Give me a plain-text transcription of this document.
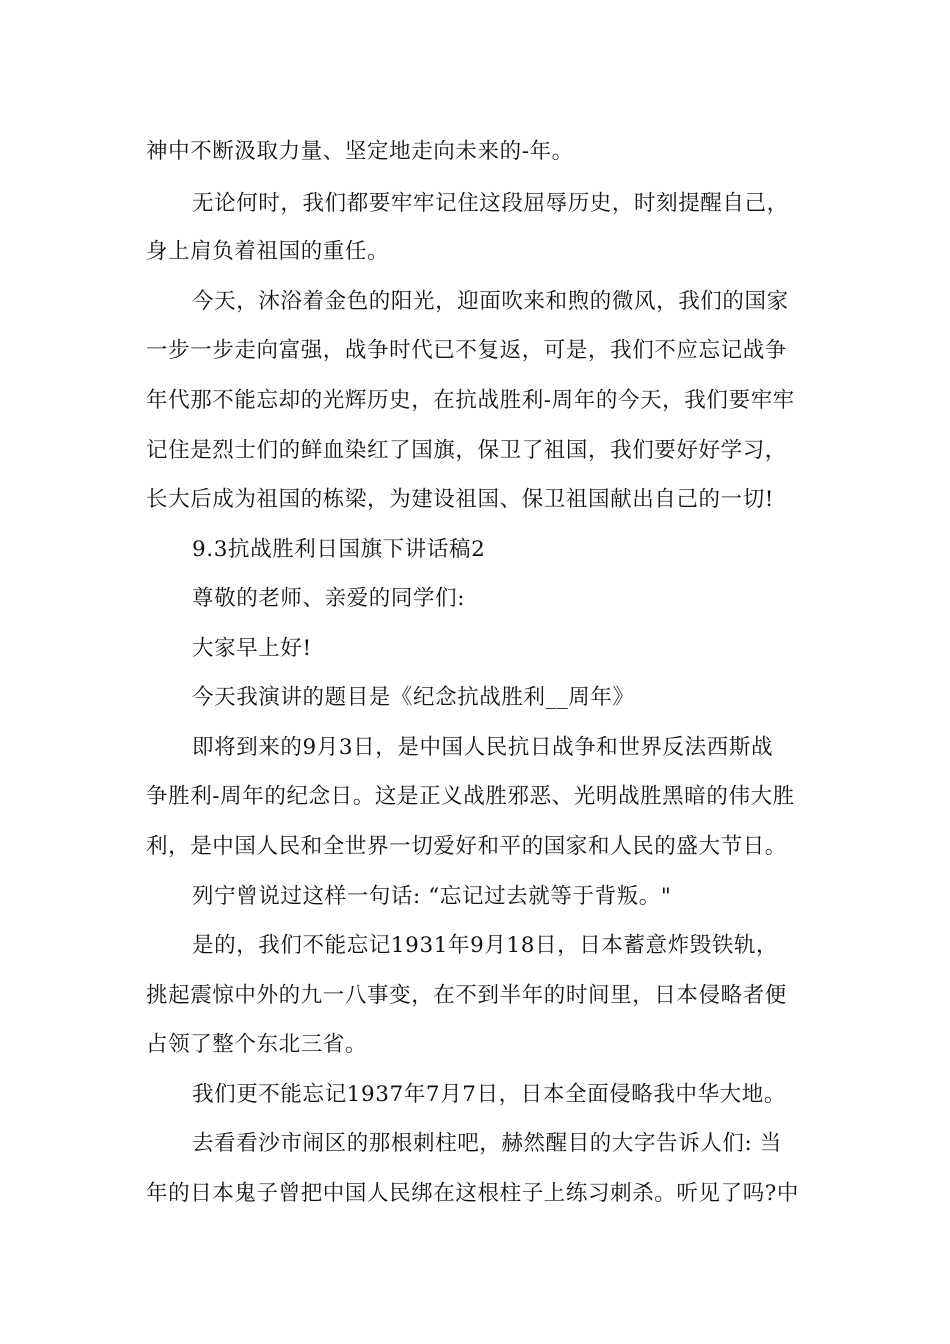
神中不断汲取力量、坚定地走向未来的-年。
无论何时，我们都要牢牢记住这段屈辱历史，时刻提醒自己，
身上肩负着祖国的重任。
今天，沐浴着金色的阳光，迎面吹来和煦的微风，我们的国家
一步一步走向富强，战争时代已不复返，可是，我们不应忘记战争
年代那不能忘却的光辉历史，在抗战胜利-周年的今天，我们要牢牢
记住是烈士们的鲜血染红了国旗，保卫了祖国，我们要好好学习，
长大后成为祖国的栋梁，为建设祖国、保卫祖国献出自己的一切!
9.3抗战胜利日国旗下讲话稿2
尊敬的老师、亲爱的同学们:
大家早上好!
今天我演讲的题目是《纪念抗战胜利__周年》
即将到来的9月3日，是中国人民抗日战争和世界反法西斯战
争胜利-周年的纪念日。这是正义战胜邪恶、光明战胜黑暗的伟大胜
利，是中国人民和全世界一切爱好和平的国家和人民的盛大节日。
列宁曾说过这样一句话: “忘记过去就等于背叛。"
是的，我们不能忘记1931年9月18日，日本蓄意炸毁铁轨，
挑起震惊中外的九一八事变，在不到半年的时间里，日本侵略者便
占领了整个东北三省。
我们更不能忘记1937年7月7日，日本全面侵略我中华大地。
去看看沙市闹区的那根刺柱吧，赫然醒目的大字告诉人们: 当
年的日本鬼子曾把中国人民绑在这根柱子上练习刺杀。听见了吗?中
